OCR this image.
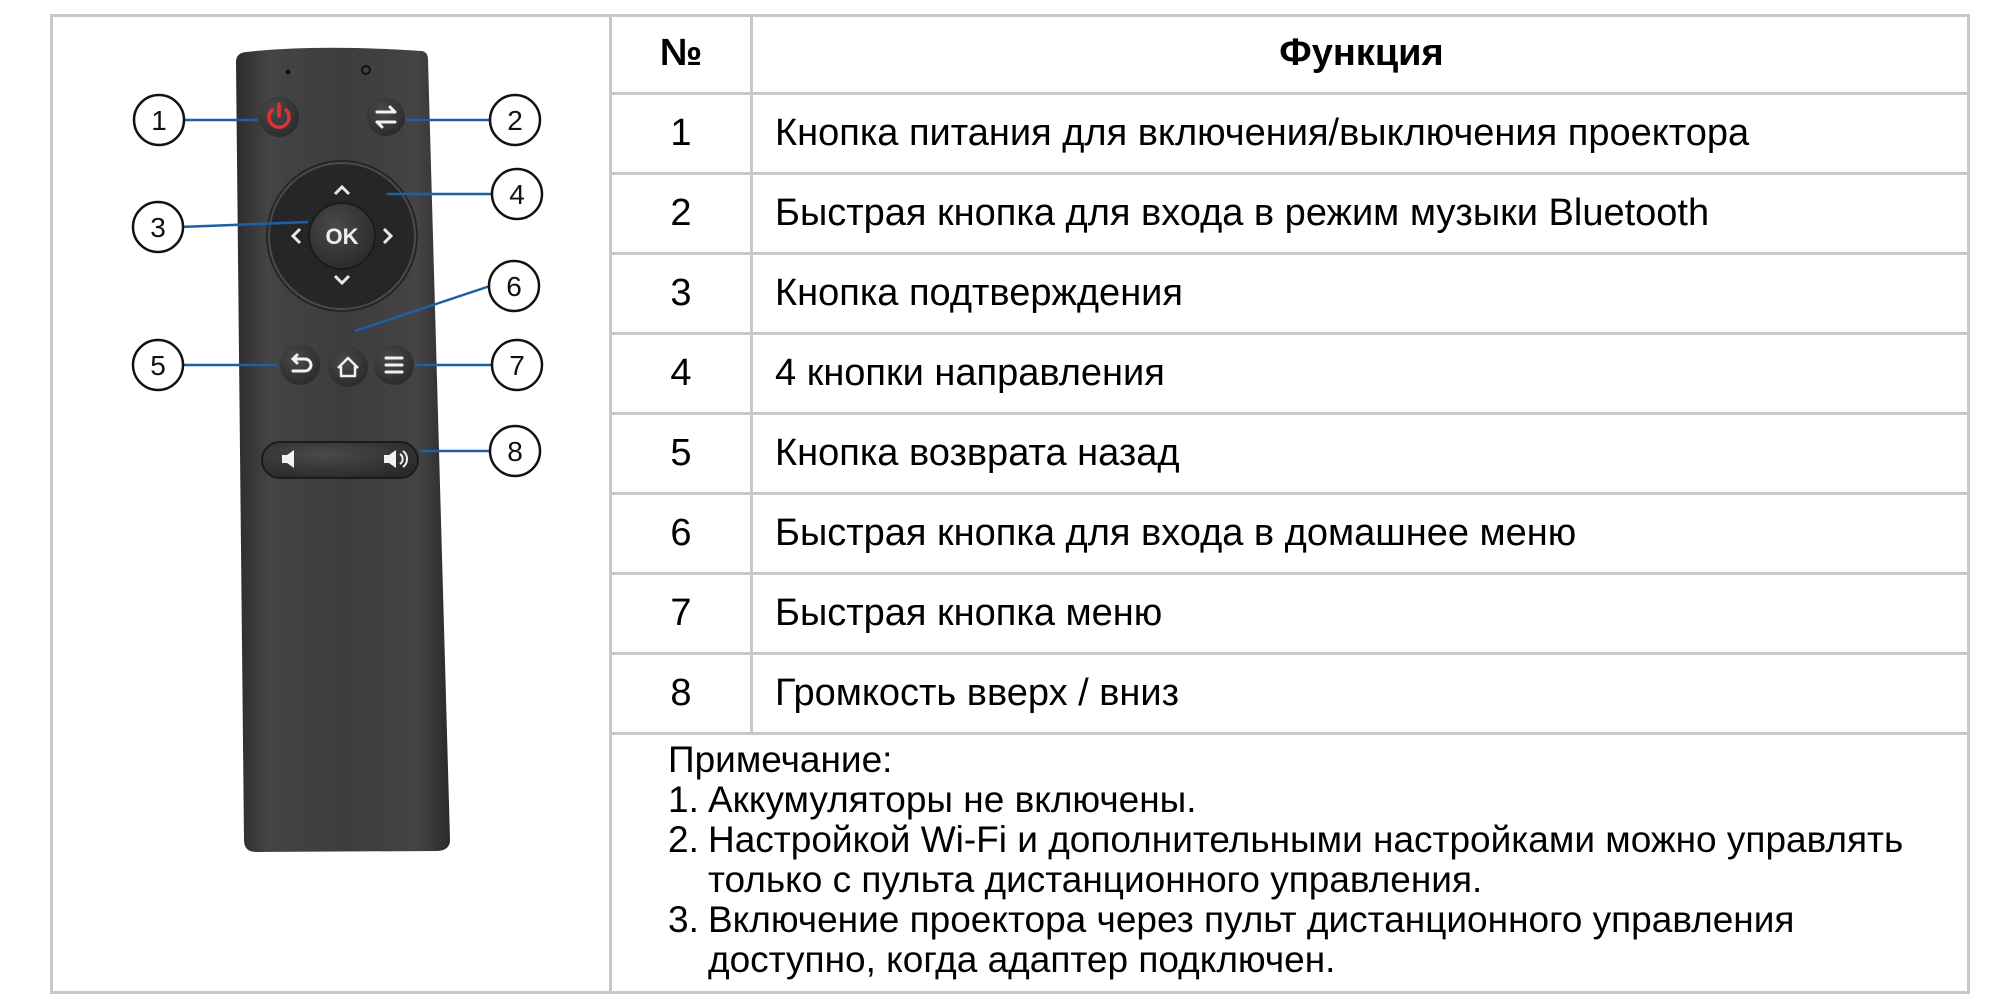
OK
1	2
3
4
5
6
7
8
№	Функция
1	Кнопка питания для включения/выключения проектора
2	Быстрая кнопка для входа в режим музыки Bluetooth
3	Кнопка подтверждения
4	4 кнопки направления
5	Кнопка возврата назад
6	Быстрая кнопка для входа в домашнее меню
7	Быстрая кнопка меню
8	Громкость вверх / вниз
Примечание:
1. Аккумуляторы не включены.
2. Настройкой Wi-Fi и дополнительными настройками можно управлять только с пульта дистанционного управления.
3. Включение проектора через пульт дистанционного управления доступно, когда адаптер подключен.
